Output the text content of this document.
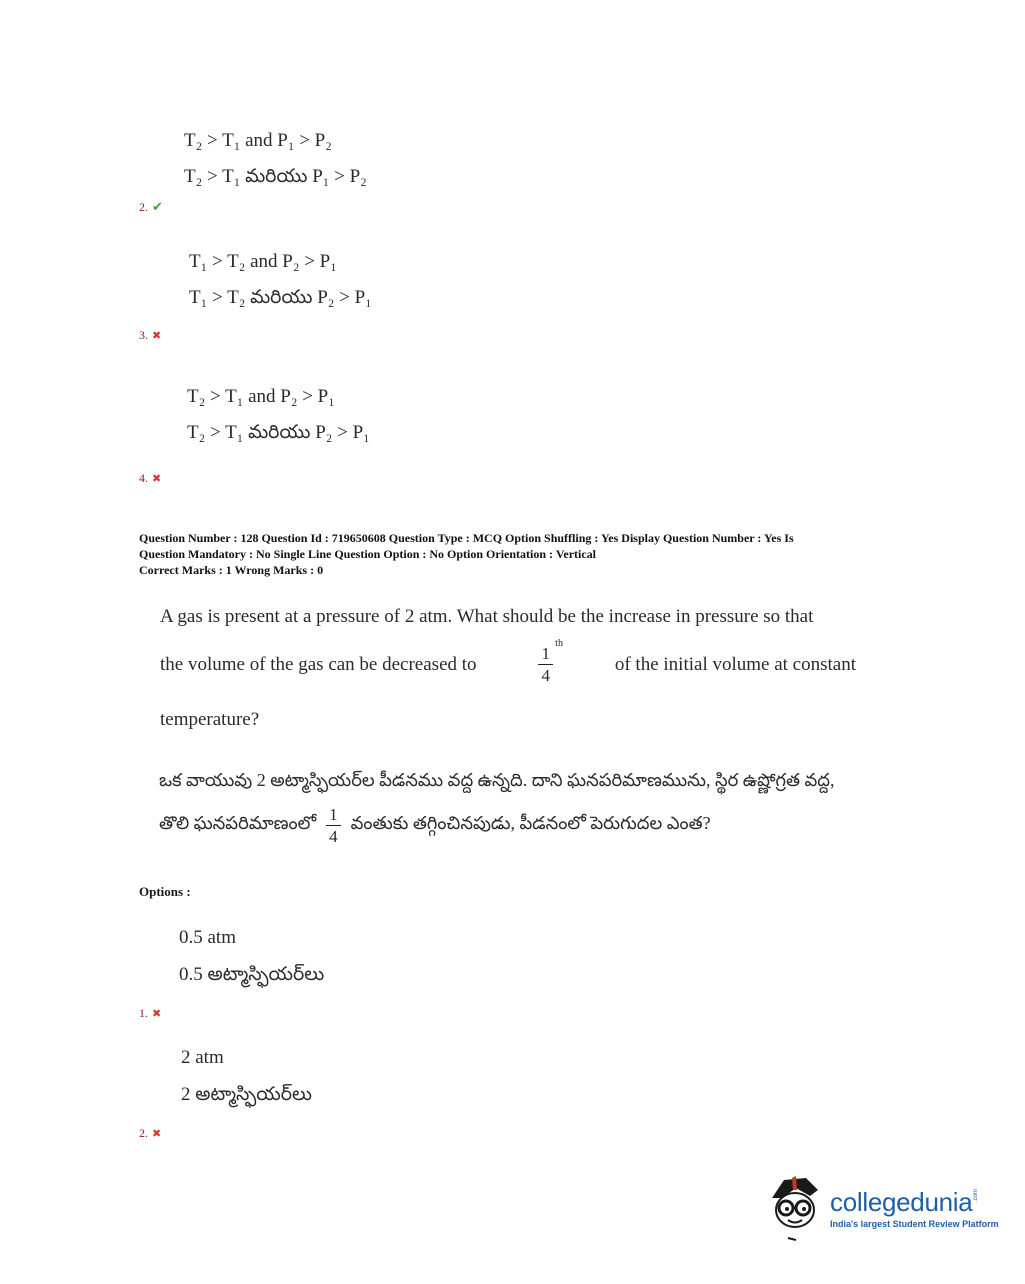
T₂ > T₁ and P₁ > P₂
T₂ > T₁ మరియు P₁ > P₂
2. ✔
T₁ > T₂ and P₂ > P₁
T₁ > T₂ మరియు P₂ > P₁
3. ✖
T₂ > T₁ and P₂ > P₁
T₂ > T₁ మరియు P₂ > P₁
4. ✖
Question Number : 128 Question Id : 719650608 Question Type : MCQ Option Shuffling : Yes Display Question Number : Yes Is
Question Mandatory : No Single Line Question Option : No Option Orientation : Vertical
Correct Marks : 1 Wrong Marks : 0
A gas is present at a pressure of 2 atm. What should be the increase in pressure so that
the volume of the gas can be decreased to	1
4
th
of the initial volume at constant
temperature?
ఒక వాయువు 2 అట్మాస్ఫియర్‌ల పీడనము వద్ద ఉన్నది. దాని ఘనపరిమాణమును, స్థిర ఉష్ణోగ్రత వద్ద,
తొలి ఘనపరిమాణంలో $\frac{1}{4}$ వంతుకు తగ్గించినపుడు, పీడనంలో పెరుగుదల ఎంత?
Options :
0.5 atm
0.5 అట్మాస్ఫియర్‌లు
1. ✖
2 atm
2 అట్మాస్ఫియర్‌లు
2. ✖
collegedunia .com
India's largest Student Review Platform
